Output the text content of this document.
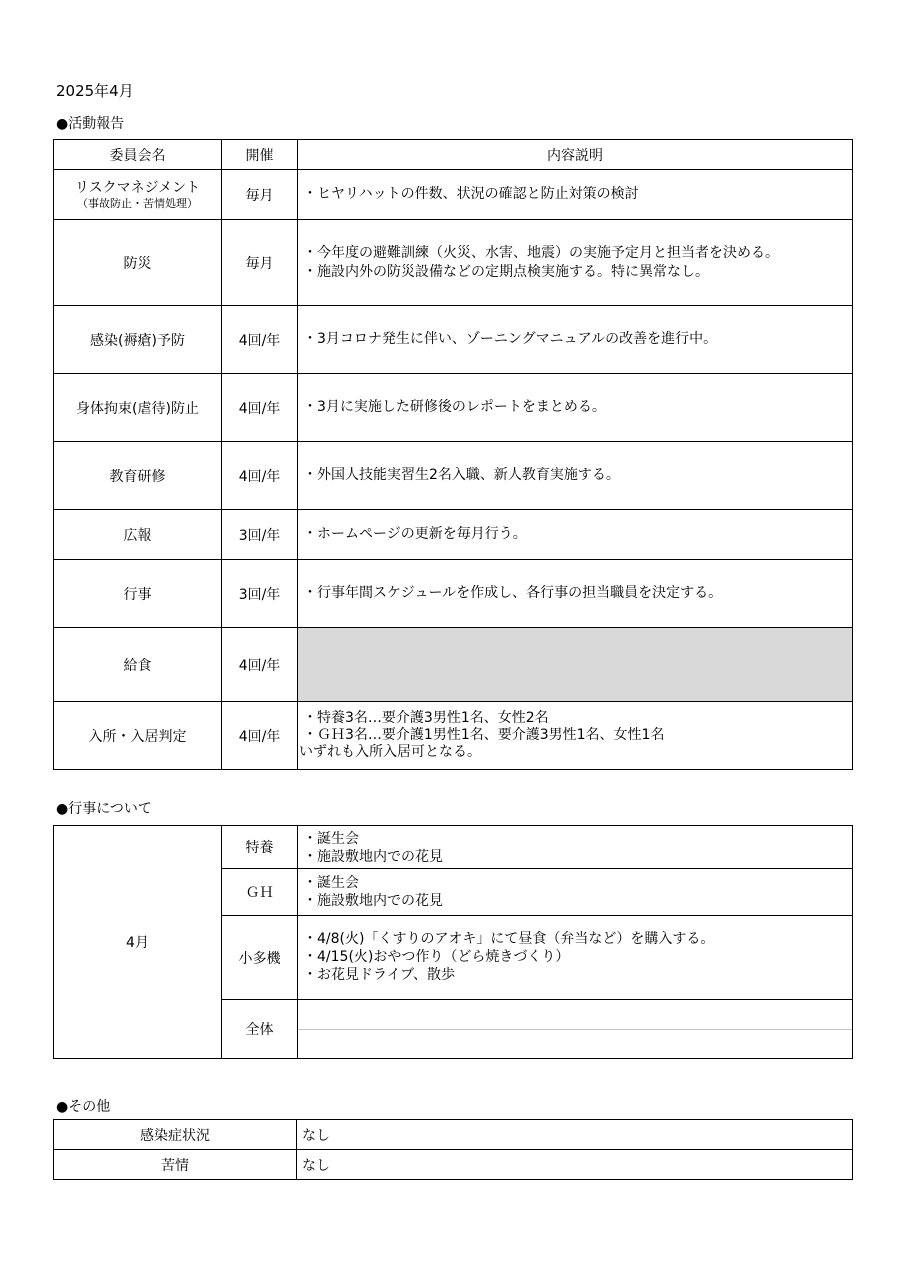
2025年4月
●活動報告
委員会名	開催	内容説明

リスクマネジメント
（事故防止・苦情処理）	毎月	・ヒヤリハットの件数、状況の確認と防止対策の検討

防災	毎月	・今年度の避難訓練（火災、水害、地震）の実施予定月と担当者を決める。
・施設内外の防災設備などの定期点検実施する。特に異常なし。

感染(褥瘡)予防	4回/年	・3月コロナ発生に伴い、ゾーニングマニュアルの改善を進行中。

身体拘束(虐待)防止	4回/年	・3月に実施した研修後のレポートをまとめる。

教育研修	4回/年	・外国人技能実習生2名入職、新人教育実施する。

広報	3回/年	・ホームページの更新を毎月行う。

行事	3回/年	・行事年間スケジュールを作成し、各行事の担当職員を決定する。

給食	4回/年	
入所・入居判定	4回/年	・特養3名…要介護3男性1名、女性2名
・ＧＨ3名…要介護1男性1名、要介護3男性1名、女性1名
いずれも入所入居可となる。
●行事について
4月	特養	・誕生会
・施設敷地内での花見

	ＧＨ	・誕生会
・施設敷地内での花見

	小多機	・4/8(火)「くすりのアオキ」にて昼食（弁当など）を購入する。
・4/15(火)おやつ作り（どら焼きづくり）
・お花見ドライブ、散歩

	全体	
●その他
感染症状況	なし
苦情	なし
